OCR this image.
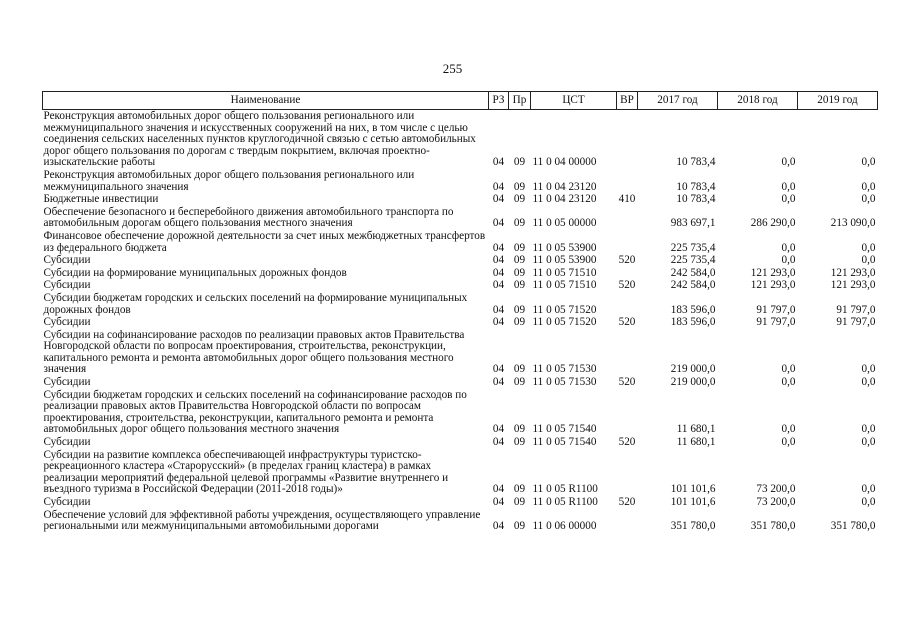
255
Наименование	РЗ	Пр	ЦСТ	ВР	2017 год	2018 год	2019 год
Реконструкция автомобильных дорог общего пользования регионального или межмуниципального значения и искусственных сооружений на них, в том числе с целью соединения сельских населенных пунктов круглогодичной связью с сетью автомобильных дорог общего пользования по дорогам с твердым покрытием, включая проектно-изыскательские работы	04	09	11 0 04 00000		10 783,4	0,0	0,0
Реконструкция автомобильных дорог общего пользования регионального или межмуниципального значения	04	09	11 0 04 23120		10 783,4	0,0	0,0
Бюджетные инвестиции	04	09	11 0 04 23120	410	10 783,4	0,0	0,0
Обеспечение безопасного и бесперебойного движения автомобильного транспорта по автомобильным дорогам общего пользования местного значения	04	09	11 0 05 00000		983 697,1	286 290,0	213 090,0
Финансовое обеспечение дорожной деятельности за счет иных межбюджетных трансфертов из федерального бюджета	04	09	11 0 05 53900		225 735,4	0,0	0,0
Субсидии	04	09	11 0 05 53900	520	225 735,4	0,0	0,0
Субсидии на формирование муниципальных дорожных фондов	04	09	11 0 05 71510		242 584,0	121 293,0	121 293,0
Субсидии	04	09	11 0 05 71510	520	242 584,0	121 293,0	121 293,0
Субсидии бюджетам городских и сельских поселений на формирование муниципальных дорожных фондов	04	09	11 0 05 71520		183 596,0	91 797,0	91 797,0
Субсидии	04	09	11 0 05 71520	520	183 596,0	91 797,0	91 797,0
Субсидии на софинансирование расходов по реализации правовых актов Правительства Новгородской области по вопросам проектирования, строительства, реконструкции, капитального ремонта и ремонта автомобильных дорог общего пользования местного значения	04	09	11 0 05 71530		219 000,0	0,0	0,0
Субсидии	04	09	11 0 05 71530	520	219 000,0	0,0	0,0
Субсидии бюджетам городских и сельских поселений на софинансирование расходов по реализации правовых актов Правительства Новгородской области по вопросам проектирования, строительства, реконструкции, капитального ремонта и ремонта автомобильных дорог общего пользования местного значения	04	09	11 0 05 71540		11 680,1	0,0	0,0
Субсидии	04	09	11 0 05 71540	520	11 680,1	0,0	0,0
Субсидии на развитие комплекса обеспечивающей инфраструктуры туристско-рекреационного кластера «Старорусский» (в пределах границ кластера) в рамках реализации мероприятий федеральной целевой программы «Развитие внутреннего и въездного туризма в Российской Федерации (2011-2018 годы)»	04	09	11 0 05 R1100		101 101,6	73 200,0	0,0
Субсидии	04	09	11 0 05 R1100	520	101 101,6	73 200,0	0,0
Обеспечение условий для эффективной работы учреждения, осуществляющего управление региональными или межмуниципальными автомобильными дорогами	04	09	11 0 06 00000		351 780,0	351 780,0	351 780,0
